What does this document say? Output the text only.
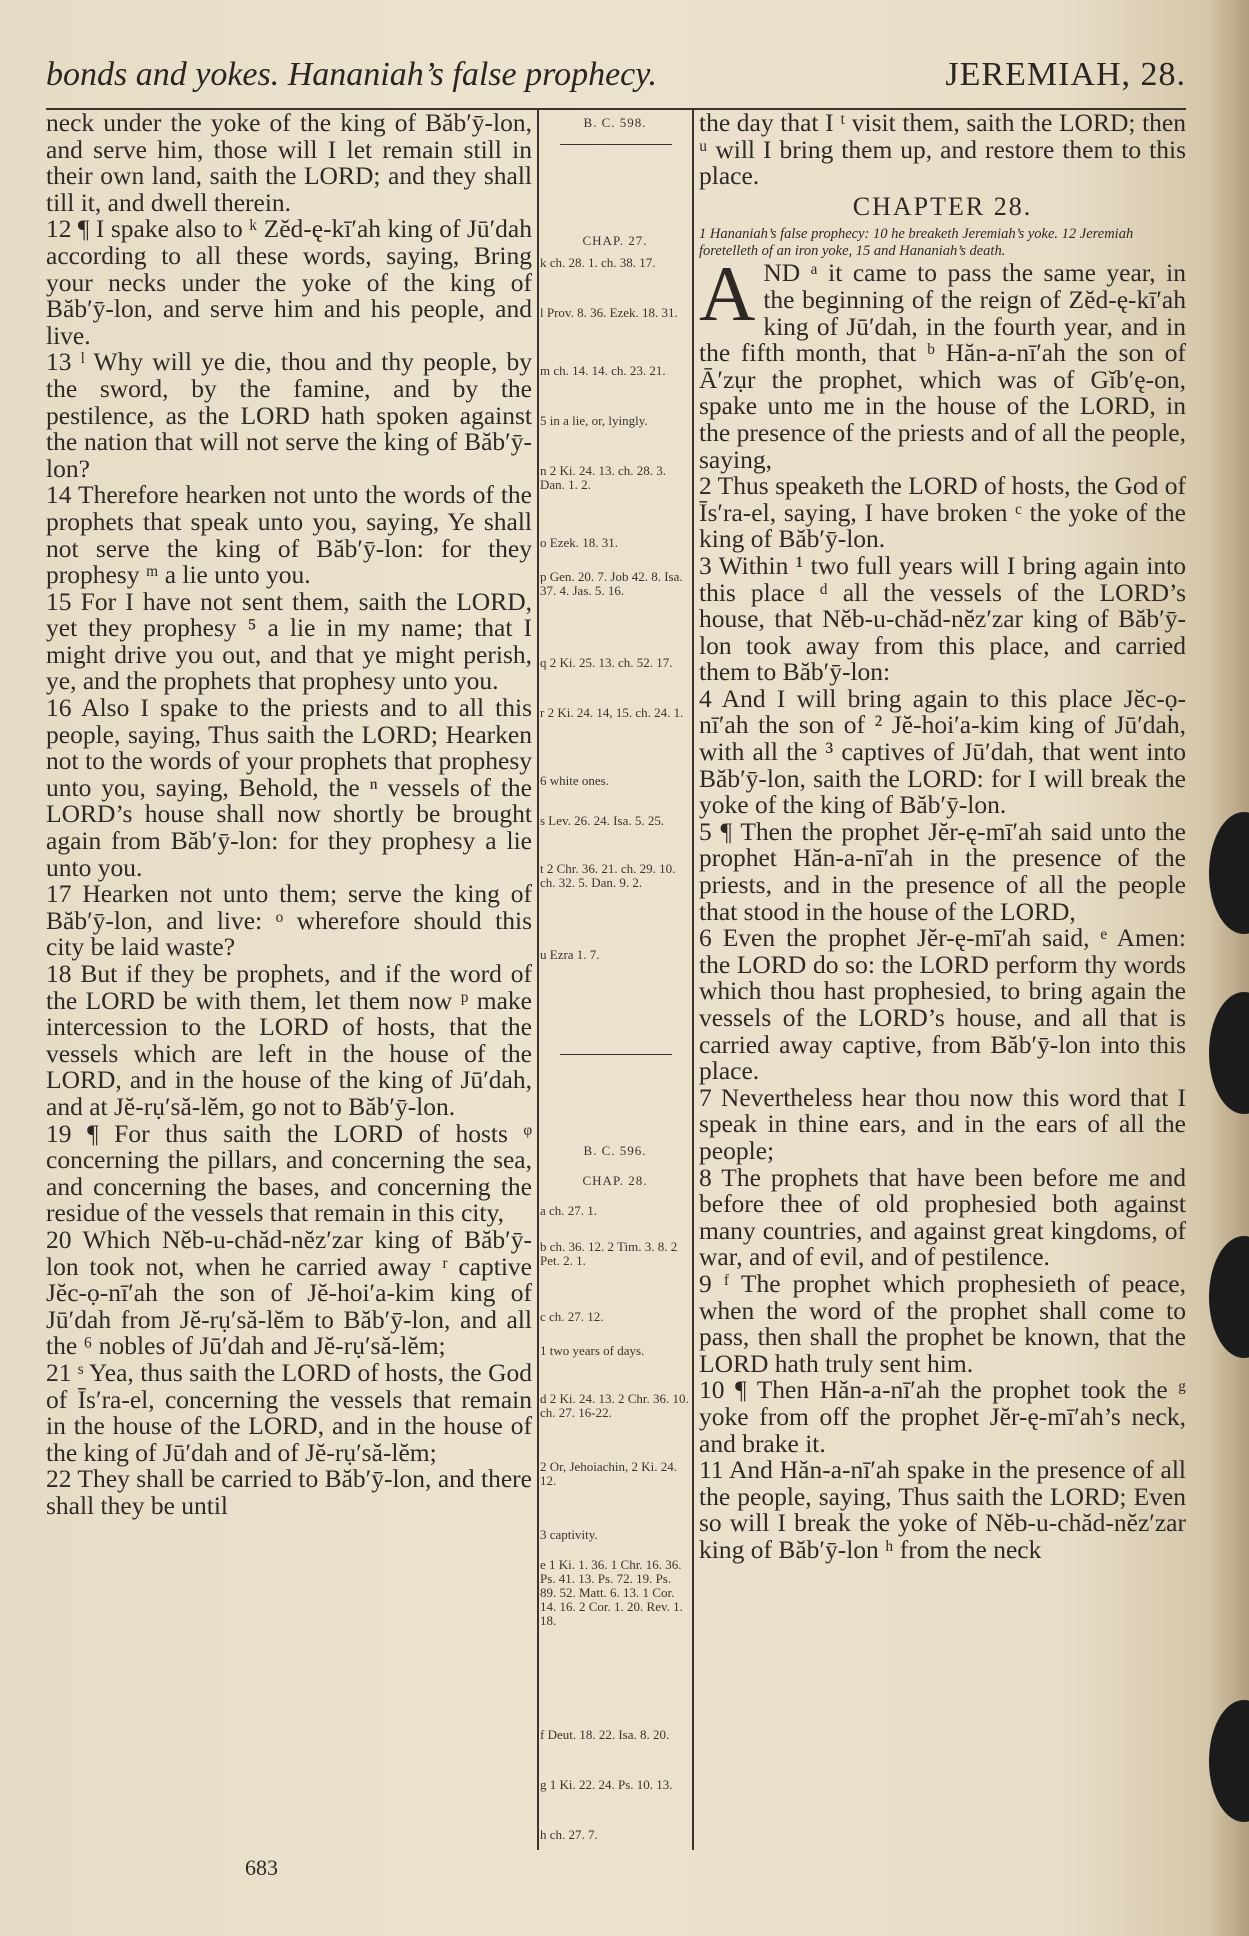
bonds and yokes. Hananiah’s false prophecy.	JEREMIAH, 28.

neck under the yoke of the king of Băb′ȳ-lon, and serve him, those will I let remain still in their own land, saith the LORD; and they shall till it, and dwell therein.

12 ¶ I spake also to ᵏ Zĕd-ę-kī′ah king of Jū′dah according to all these words, saying, Bring your necks under the yoke of the king of Băb′ȳ-lon, and serve him and his people, and live.

13 ˡ Why will ye die, thou and thy people, by the sword, by the famine, and by the pestilence, as the LORD hath spoken against the nation that will not serve the king of Băb′ȳ-lon?

14 Therefore hearken not unto the words of the prophets that speak unto you, saying, Ye shall not serve the king of Băb′ȳ-lon: for they prophesy ᵐ a lie unto you.

15 For I have not sent them, saith the LORD, yet they prophesy ⁵ a lie in my name; that I might drive you out, and that ye might perish, ye, and the prophets that prophesy unto you.

16 Also I spake to the priests and to all this people, saying, Thus saith the LORD; Hearken not to the words of your prophets that prophesy unto you, saying, Behold, the ⁿ vessels of the LORD’s house shall now shortly be brought again from Băb′ȳ-lon: for they prophesy a lie unto you.

17 Hearken not unto them; serve the king of Băb′ȳ-lon, and live: ᵒ wherefore should this city be laid waste?

18 But if they be prophets, and if the word of the LORD be with them, let them now ᵖ make intercession to the LORD of hosts, that the vessels which are left in the house of the LORD, and in the house of the king of Jū′dah, and at Jĕ-rụ′să-lĕm, go not to Băb′ȳ-lon.

19 ¶ For thus saith the LORD of hosts ᵠ concerning the pillars, and concerning the sea, and concerning the bases, and concerning the residue of the vessels that remain in this city,

20 Which Nĕb-u-chăd-nĕz′zar king of Băb′ȳ-lon took not, when he carried away ʳ captive Jĕc-ọ-nī′ah the son of Jĕ-hoi′a-kim king of Jū′dah from Jĕ-rụ′să-lĕm to Băb′ȳ-lon, and all the ⁶ nobles of Jū′dah and Jĕ-rụ′să-lĕm;

21 ˢ Yea, thus saith the LORD of hosts, the God of Īs′ra-el, concerning the vessels that remain in the house of the LORD, and in the house of the king of Jū′dah and of Jĕ-rụ′să-lĕm;

22 They shall be carried to Băb′ȳ-lon, and there shall they be until

B. C. 598.
CHAP. 27.
k ch. 28. 1. ch. 38. 17.
l Prov. 8. 36. Ezek. 18. 31.
m ch. 14. 14. ch. 23. 21.
5 in a lie, or, lyingly.
n 2 Ki. 24. 13. ch. 28. 3. Dan. 1. 2.
o Ezek. 18. 31.
p Gen. 20. 7. Job 42. 8. Isa. 37. 4. Jas. 5. 16.
q 2 Ki. 25. 13. ch. 52. 17.
r 2 Ki. 24. 14, 15. ch. 24. 1.
6 white ones.
s Lev. 26. 24. Isa. 5. 25.
t 2 Chr. 36. 21. ch. 29. 10. ch. 32. 5. Dan. 9. 2.
u Ezra 1. 7.
B. C. 596.
CHAP. 28.
a ch. 27. 1.
b ch. 36. 12. 2 Tim. 3. 8. 2 Pet. 2. 1.
c ch. 27. 12.
1 two years of days.
d 2 Ki. 24. 13. 2 Chr. 36. 10. ch. 27. 16-22.
2 Or, Jehoiachin, 2 Ki. 24. 12.
3 captivity.
e 1 Ki. 1. 36. 1 Chr. 16. 36. Ps. 41. 13. Ps. 72. 19. Ps. 89. 52. Matt. 6. 13. 1 Cor. 14. 16. 2 Cor. 1. 20. Rev. 1. 18.
f Deut. 18. 22. Isa. 8. 20.
g 1 Ki. 22. 24. Ps. 10. 13.
h ch. 27. 7.

the day that I ᵗ visit them, saith the LORD; then ᵘ will I bring them up, and restore them to this place.

CHAPTER 28.

1 Hananiah’s false prophecy: 10 he breaketh Jeremiah’s yoke. 12 Jeremiah foretelleth of an iron yoke, 15 and Hananiah’s death.

AND ᵃ it came to pass the same year, in the beginning of the reign of Zĕd-ę-kī′ah king of Jū′dah, in the fourth year, and in the fifth month, that ᵇ Hăn-a-nī′ah the son of Ā′zụr the prophet, which was of Gĭb′ę-on, spake unto me in the house of the LORD, in the presence of the priests and of all the people, saying,

2 Thus speaketh the LORD of hosts, the God of Īs′ra-el, saying, I have broken ᶜ the yoke of the king of Băb′ȳ-lon.

3 Within ¹ two full years will I bring again into this place ᵈ all the vessels of the LORD’s house, that Nĕb-u-chăd-nĕz′zar king of Băb′ȳ-lon took away from this place, and carried them to Băb′ȳ-lon:

4 And I will bring again to this place Jĕc-ọ-nī′ah the son of ² Jĕ-hoi′a-kim king of Jū′dah, with all the ³ captives of Jū′dah, that went into Băb′ȳ-lon, saith the LORD: for I will break the yoke of the king of Băb′ȳ-lon.

5 ¶ Then the prophet Jĕr-ę-mī′ah said unto the prophet Hăn-a-nī′ah in the presence of the priests, and in the presence of all the people that stood in the house of the LORD,

6 Even the prophet Jĕr-ę-mī′ah said, ᵉ Amen: the LORD do so: the LORD perform thy words which thou hast prophesied, to bring again the vessels of the LORD’s house, and all that is carried away captive, from Băb′ȳ-lon into this place.

7 Nevertheless hear thou now this word that I speak in thine ears, and in the ears of all the people;

8 The prophets that have been before me and before thee of old prophesied both against many countries, and against great kingdoms, of war, and of evil, and of pestilence.

9 ᶠ The prophet which prophesieth of peace, when the word of the prophet shall come to pass, then shall the prophet be known, that the LORD hath truly sent him.

10 ¶ Then Hăn-a-nī′ah the prophet took the ᵍ yoke from off the prophet Jĕr-ę-mī′ah’s neck, and brake it.

11 And Hăn-a-nī′ah spake in the presence of all the people, saying, Thus saith the LORD; Even so will I break the yoke of Nĕb-u-chăd-nĕz′zar king of Băb′ȳ-lon ʰ from the neck

683
